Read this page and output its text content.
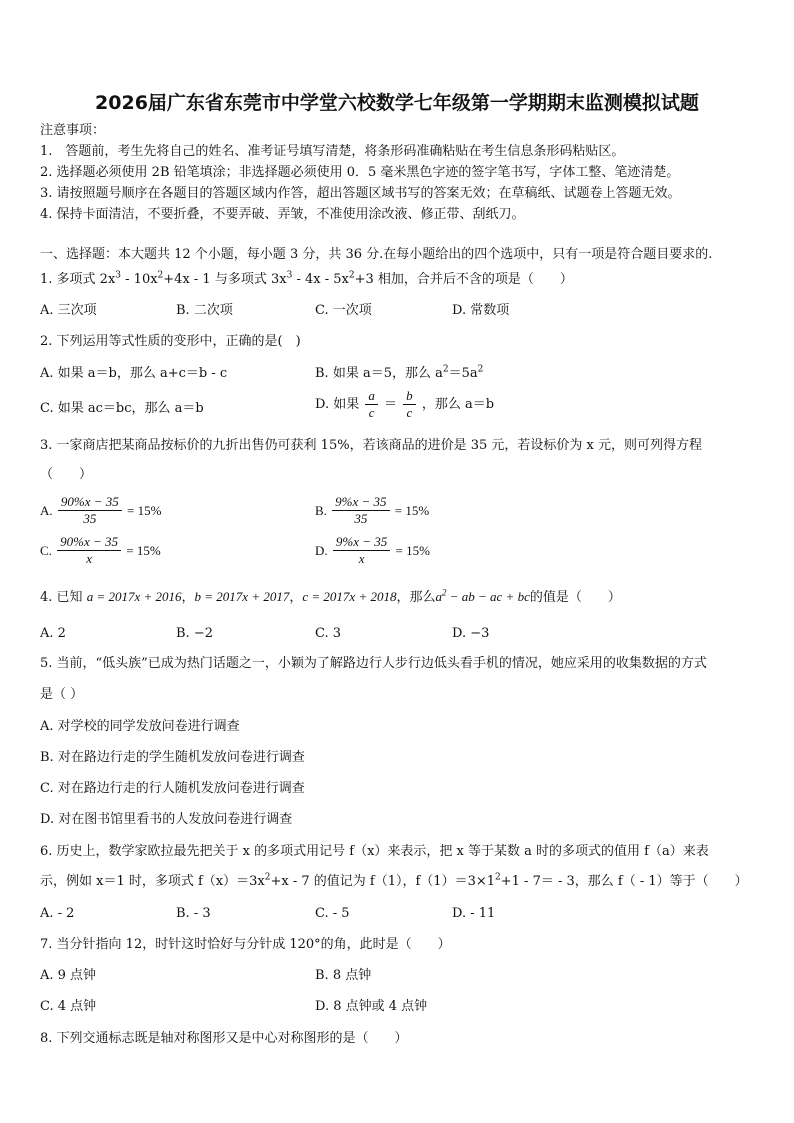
2026届广东省东莞市中学堂六校数学七年级第一学期期末监测模拟试题
注意事项：
1.　答题前，考生先将自己的姓名、准考证号填写清楚，将条形码准确粘贴在考生信息条形码粘贴区。
2. 选择题必须使用 2B 铅笔填涂；非选择题必须使用 0．5 毫米黑色字迹的签字笔书写，字体工整、笔迹清楚。
3. 请按照题号顺序在各题目的答题区域内作答，超出答题区域书写的答案无效；在草稿纸、试题卷上答题无效。
4. 保持卡面清洁，不要折叠，不要弄破、弄皱，不准使用涂改液、修正带、刮纸刀。
一、选择题：本大题共 12 个小题，每小题 3 分，共 36 分.在每小题给出的四个选项中，只有一项是符合题目要求的.
1. 多项式 $2x^3 - 10x^2+4x - 1$ 与多项式 $3x^3 - 4x - 5x^2+3$ 相加，合并后不含的项是（　　）
A. 三次项	B. 二次项	C. 一次项	D. 常数项
2. 下列运用等式性质的变形中，正确的是(　)
A. 如果 a＝b，那么 a+c＝b - c	B. 如果 a＝5，那么 $a^2=5a^2$
C. 如果 ac＝bc，那么 a＝b	D. 如果 $\frac{a}{c} = \frac{b}{c}$ ，那么 a＝b
3. 一家商店把某商品按标价的九折出售仍可获利 15%，若该商品的进价是 35 元，若设标价为 x 元，则可列得方程
（　　）
A. $\frac{90\%x - 35}{35} = 15\%$	B. $\frac{9\%x - 35}{35} = 15\%$
C. $\frac{90\%x - 35}{x} = 15\%$	D. $\frac{9\%x - 35}{x} = 15\%$
4. 已知 a = 2017x + 2016，b = 2017x + 2017，c = 2017x + 2018，那么$a^2$ − ab − ac + bc的值是（　　）
A. 2	B. −2	C. 3	D. −3
5. 当前，“低头族”已成为热门话题之一，小颖为了解路边行人步行边低头看手机的情况，她应采用的收集数据的方式
是（ ）
A. 对学校的同学发放问卷进行调查
B. 对在路边行走的学生随机发放问卷进行调查
C. 对在路边行走的行人随机发放问卷进行调查
D. 对在图书馆里看书的人发放问卷进行调查
6. 历史上，数学家欧拉最先把关于 x 的多项式用记号 f（x）来表示，把 x 等于某数 a 时的多项式的值用 f（a）来表
示，例如 x＝1 时，多项式 $f(x)=3x^2+x - 7$ 的值记为 f（1），$f(1)=3\times 1^2+1 - 7= - 3$，那么 f（ - 1）等于（　　）
A. - 2	B. - 3	C. - 5	D. - 11
7. 当分针指向 12，时针这时恰好与分针成 120°的角，此时是（　　）
A. 9 点钟	B. 8 点钟
C. 4 点钟	D. 8 点钟或 4 点钟
8. 下列交通标志既是轴对称图形又是中心对称图形的是（　　）
